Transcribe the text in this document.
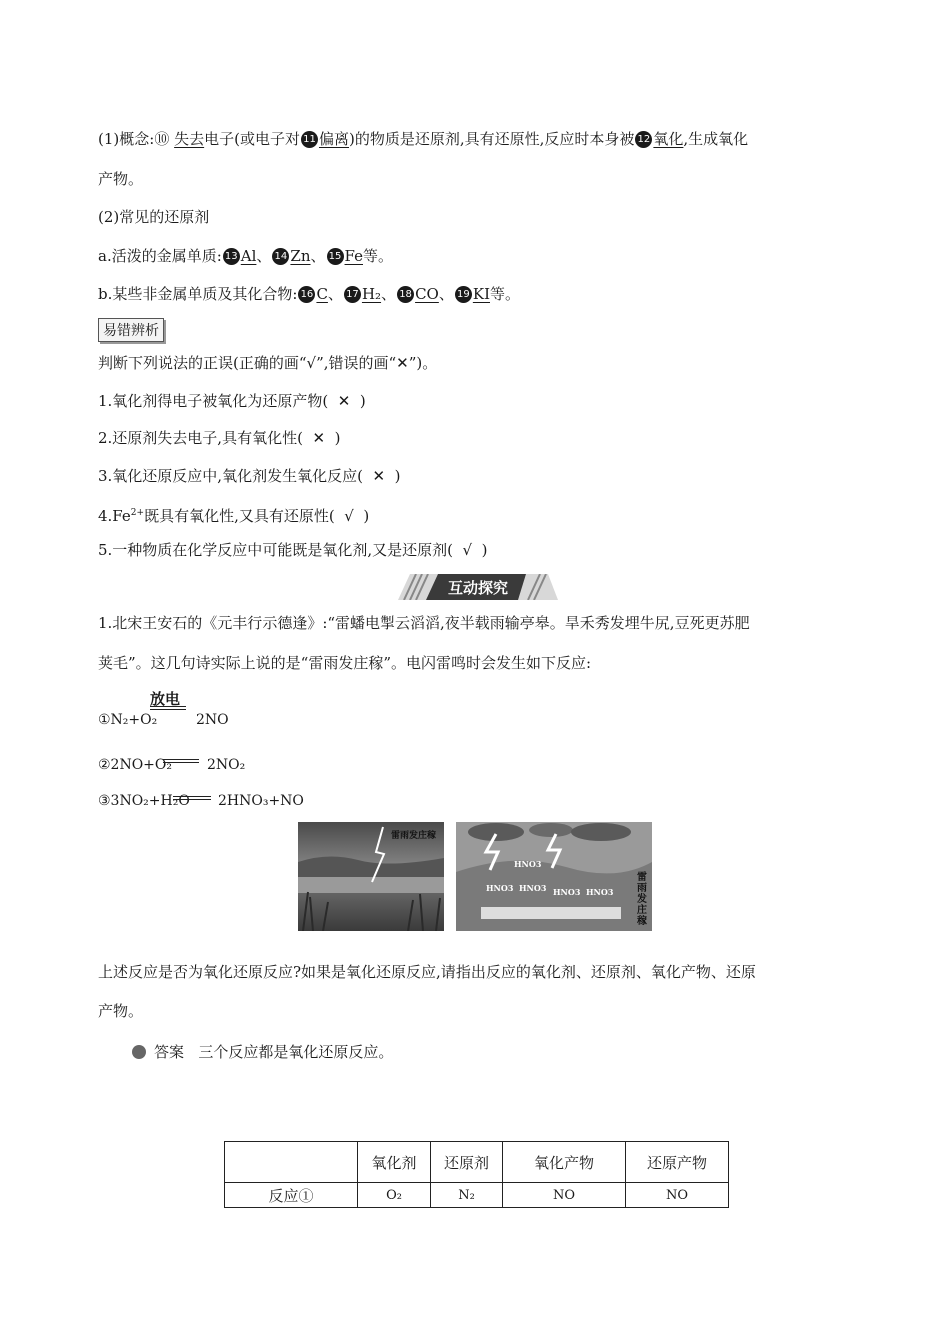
(1)概念:⑩ 失去电子(或电子对 11 偏离)的物质是还原剂,具有还原性,反应时本身被 12 氧化,生成氧化
产物。
(2)常见的还原剂
a.活泼的金属单质: 13 Al、 14 Zn、 15 Fe等。
b.某些非金属单质及其化合物: 16 C、 17 H₂、 18 CO、 19 KI等。
易错辨析
判断下列说法的正误(正确的画“√”,错误的画“✕”)。
1.氧化剂得电子被氧化为还原产物( ✕ )
2.还原剂失去电子,具有氧化性( ✕ )
3.氧化还原反应中,氧化剂发生氧化反应( ✕ )
$4.Fe^{2+}$既具有氧化性,又具有还原性( √ )
5.一种物质在化学反应中可能既是氧化剂,又是还原剂( √ )
互动探究
1.北宋王安石的《元丰行示德逢》:“雷蟠电掣云滔滔,夜半载雨输亭皋。旱禾秀发埋牛尻,豆死更苏肥
荚毛”。这几句诗实际上说的是“雷雨发庄稼”。电闪雷鸣时会发生如下反应:
放电
①N₂+O₂	2NO
②2NO+O₂ 2NO₂
③3NO₂+H₂O 2HNO₃+NO
雷雨发庄稼
HNO3
HNO3 HNO3 HNO3 HNO3
雷雨发庄稼
上述反应是否为氧化还原反应?如果是氧化还原反应,请指出反应的氧化剂、还原剂、氧化产物、还原
产物。
答案 三个反应都是氧化还原反应。
	氧化剂	还原剂	氧化产物	还原产物
反应①	O₂	N₂	NO	NO
